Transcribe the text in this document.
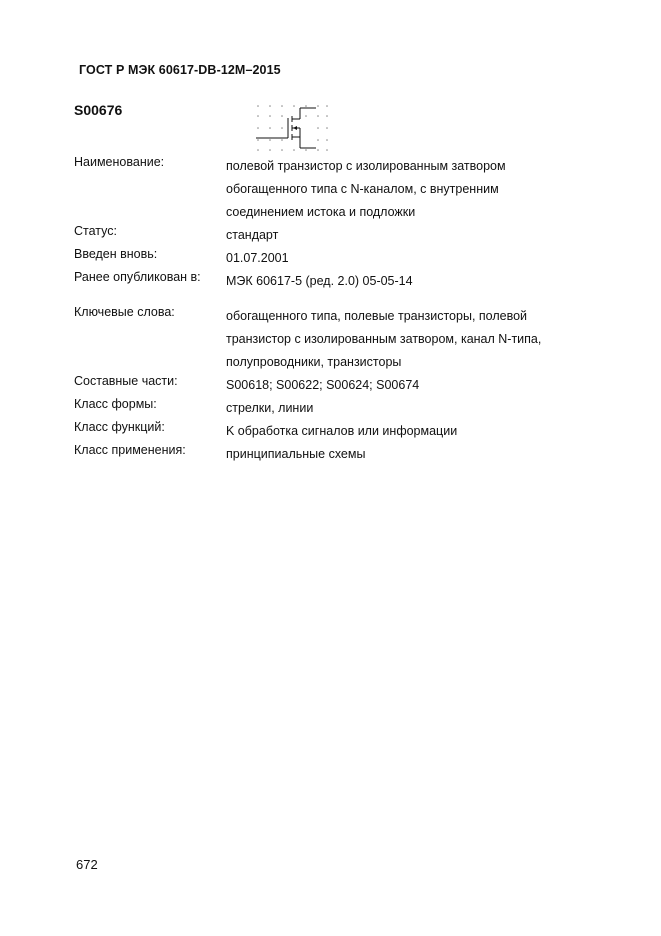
ГОСТ Р МЭК 60617-DB-12M–2015
S00676
Наименование:	полевой транзистор с изолированным затвором
обогащенного типа с N-каналом, с внутренним
соединением истока и подложки
Статус:	стандарт
Введен вновь:	01.07.2001
Ранее опубликован в: МЭК 60617-5 (ред. 2.0) 05-05-14
Ключевые слова:	обогащенного типа, полевые транзисторы, полевой
транзистор с изолированным затвором, канал N-типа,
полупроводники, транзисторы
Составные части:	S00618; S00622; S00624; S00674
Класс формы:	стрелки, линии
Класс функций:	K обработка сигналов или информации
Класс применения:	принципиальные схемы
672
